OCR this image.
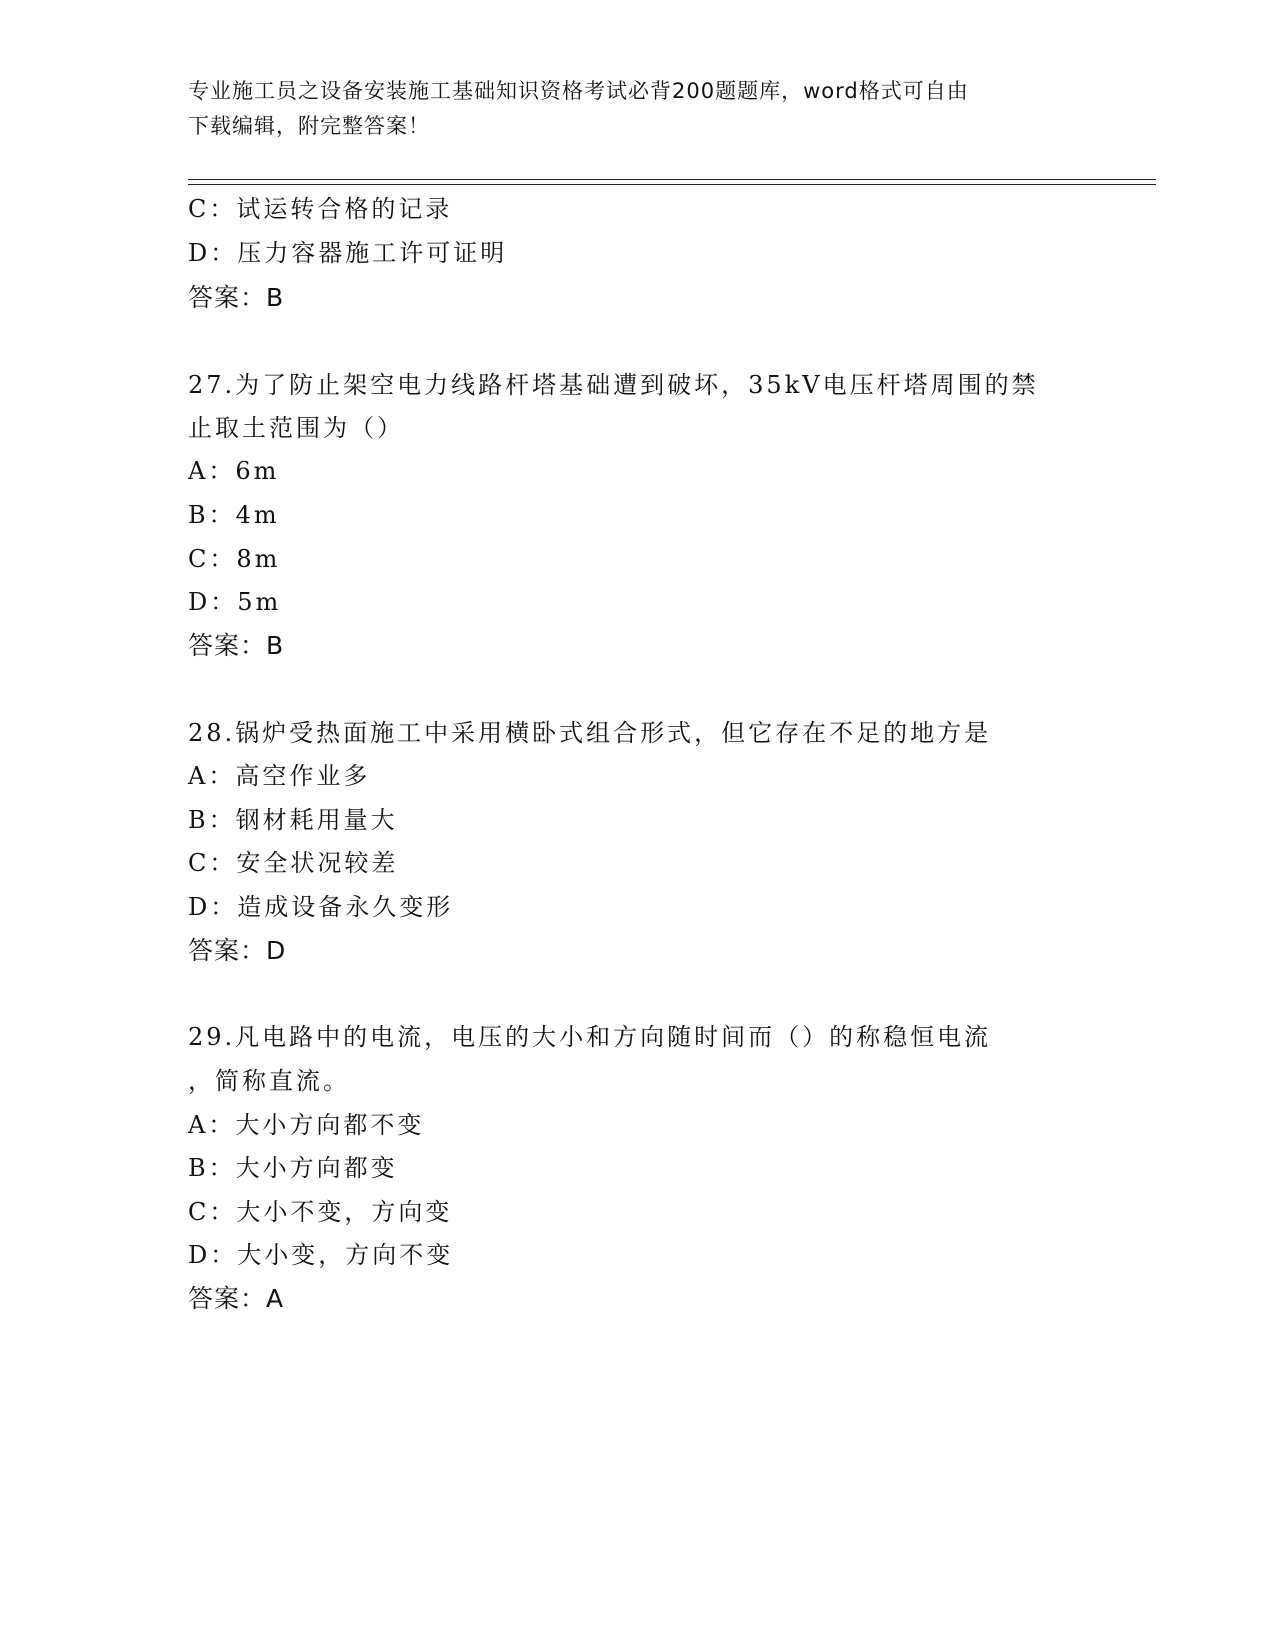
专业施工员之设备安装施工基础知识资格考试必背200题题库，word格式可自由
下载编辑，附完整答案！
C：试运转合格的记录
D：压力容器施工许可证明
答案：B
27.为了防止架空电力线路杆塔基础遭到破坏，35kV电压杆塔周围的禁
止取土范围为（）
A：6m
B：4m
C：8m
D：5m
答案：B
28.锅炉受热面施工中采用横卧式组合形式，但它存在不足的地方是
A：高空作业多
B：钢材耗用量大
C：安全状况较差
D：造成设备永久变形
答案：D
29.凡电路中的电流，电压的大小和方向随时间而（）的称稳恒电流
，简称直流。
A：大小方向都不变
B：大小方向都变
C：大小不变，方向变
D：大小变，方向不变
答案：A
